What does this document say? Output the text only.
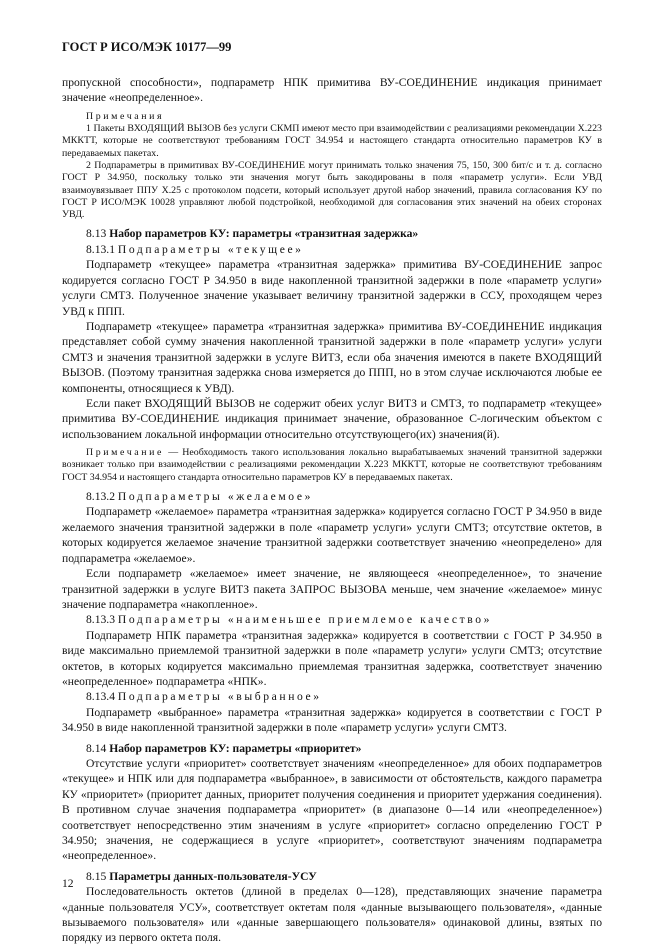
ГОСТ Р ИСО/МЭК 10177—99

пропускной способности», подпараметр НПК примитива ВУ-СОЕДИНЕНИЕ индикация принимает значение «неопределенное».

Примечания

1 Пакеты ВХОДЯЩИЙ ВЫЗОВ без услуги СКМП имеют место при взаимодействии с реализациями рекомендации X.223 МККТТ, которые не соответствуют требованиям ГОСТ 34.954 и настоящего стандарта относительно параметров КУ в передаваемых пакетах.

2 Подпараметры в примитивах ВУ-СОЕДИНЕНИЕ могут принимать только значения 75, 150, 300 бит/с и т. д. согласно ГОСТ Р 34.950, поскольку только эти значения могут быть закодированы в поля «параметр услуги». Если УВД взаимоувязывает ППУ X.25 с протоколом подсети, который использует другой набор значений, правила согласования КУ по ГОСТ Р ИСО/МЭК 10028 управляют любой подстройкой, необходимой для согласования этих значений на обеих сторонах УВД.

8.13 Набор параметров КУ: параметры «транзитная задержка»

8.13.1 Подпараметры «текущее»

Подпараметр «текущее» параметра «транзитная задержка» примитива ВУ-СОЕДИНЕНИЕ запрос кодируется согласно ГОСТ Р 34.950 в виде накопленной транзитной задержки в поле «параметр услуги» услуги СМТЗ. Полученное значение указывает величину транзитной задержки в ССУ, проходящем через УВД к ППП.

Подпараметр «текущее» параметра «транзитная задержка» примитива ВУ-СОЕДИНЕНИЕ индикация представляет собой сумму значения накопленной транзитной задержки в поле «параметр услуги» услуги СМТЗ и значения транзитной задержки в услуге ВИТЗ, если оба значения имеются в пакете ВХОДЯЩИЙ ВЫЗОВ. (Поэтому транзитная задержка снова измеряется до ППП, но в этом случае исключаются любые ее компоненты, относящиеся к УВД).

Если пакет ВХОДЯЩИЙ ВЫЗОВ не содержит обеих услуг ВИТЗ и СМТЗ, то подпараметр «текущее» примитива ВУ-СОЕДИНЕНИЕ индикация принимает значение, образованное С-логическим объектом с использованием локальной информации относительно отсутствующего(их) значения(й).

Примечание — Необходимость такого использования локально вырабатываемых значений транзитной задержки возникает только при взаимодействии с реализациями рекомендации X.223 МККТТ, которые не соответствуют требованиям ГОСТ 34.954 и настоящего стандарта относительно параметров КУ в передаваемых пакетах.

8.13.2 Подпараметры «желаемое»

Подпараметр «желаемое» параметра «транзитная задержка» кодируется согласно ГОСТ Р 34.950 в виде желаемого значения транзитной задержки в поле «параметр услуги» услуги СМТЗ; отсутствие октетов, в которых кодируется желаемое значение транзитной задержки соответствует значению «неопределено» для подпараметра «желаемое».

Если подпараметр «желаемое» имеет значение, не являющееся «неопределенное», то значение транзитной задержки в услуге ВИТЗ пакета ЗАПРОС ВЫЗОВА меньше, чем значение «желаемое» минус значение подпараметра «накопленное».

8.13.3 Подпараметры «наименьшее приемлемое качество»

Подпараметр НПК параметра «транзитная задержка» кодируется в соответствии с ГОСТ Р 34.950 в виде максимально приемлемой транзитной задержки в поле «параметр услуги» услуги СМТЗ; отсутствие октетов, в которых кодируется максимально приемлемая транзитная задержка, соответствует значению «неопределенное» подпараметра «НПК».

8.13.4 Подпараметры «выбранное»

Подпараметр «выбранное» параметра «транзитная задержка» кодируется в соответствии с ГОСТ Р 34.950 в виде накопленной транзитной задержки в поле «параметр услуги» услуги СМТЗ.

8.14 Набор параметров КУ: параметры «приоритет»

Отсутствие услуги «приоритет» соответствует значениям «неопределенное» для обоих подпараметров «текущее» и НПК или для подпараметра «выбранное», в зависимости от обстоятельств, каждого параметра КУ «приоритет» (приоритет данных, приоритет получения соединения и приоритет удержания соединения). В противном случае значения подпараметра «приоритет» (в диапазоне 0—14 или «неопределенное») соответствует непосредственно этим значениям в услуге «приоритет» согласно определению ГОСТ Р 34.950; значения, не содержащиеся в услуге «приоритет», соответствуют значениям подпараметра «неопределенное».

8.15 Параметры данных-пользователя-УСУ

Последовательность октетов (длиной в пределах 0—128), представляющих значение параметра «данные пользователя УСУ», соответствует октетам поля «данные вызывающего пользователя», «данные вызываемого пользователя» или «данные завершающего пользователя» одинаковой длины, взятых по порядку из первого октета поля.

12
